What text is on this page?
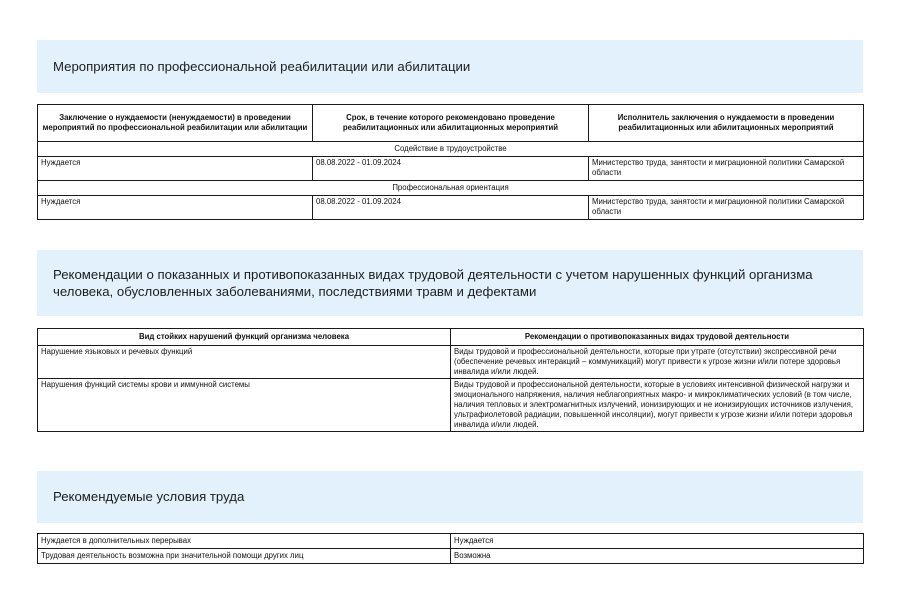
Мероприятия по профессиональной реабилитации или абилитации
Заключение о нуждаемости (ненуждаемости) в проведении мероприятий по профессиональной реабилитации или абилитации	Срок, в течение которого рекомендовано проведение реабилитационных или абилитационных мероприятий	Исполнитель заключения о нуждаемости в проведении реабилитационных или абилитационных мероприятий
Содействие в трудоустройстве		
Нуждается	08.08.2022 - 01.09.2024	Министерство труда, занятости и миграционной политики Самарской области
Профессиональная ориентация		
Нуждается	08.08.2022 - 01.09.2024	Министерство труда, занятости и миграционной политики Самарской области
Рекомендации о показанных и противопоказанных видах трудовой деятельности с учетом нарушенных функций организма человека, обусловленных заболеваниями, последствиями травм и дефектами
Вид стойких нарушений функций организма человека	Рекомендации о противопоказанных видах трудовой деятельности
Нарушение языковых и речевых функций	Виды трудовой и профессиональной деятельности, которые при утрате (отсутствии) экспрессивной речи (обеспечение речевых интеракций – коммуникаций) могут привести к угрозе жизни и/или потере здоровья инвалида и/или людей.
Нарушения функций системы крови и иммунной системы	Виды трудовой и профессиональной деятельности, которые в условиях интенсивной физической нагрузки и эмоционального напряжения, наличия неблагоприятных макро- и микроклиматических условий (в том числе, наличия тепловых и электромагнитных излучений, ионизирующих и не ионизирующих источников излучения, ультрафиолетовой радиации, повышенной инсоляции), могут привести к угрозе жизни и/или потери здоровья инвалида и/или людей.
Рекомендуемые условия труда
Нуждается в дополнительных перерывах	Нуждается
Трудовая деятельность возможна при значительной помощи других лиц	Возможна
